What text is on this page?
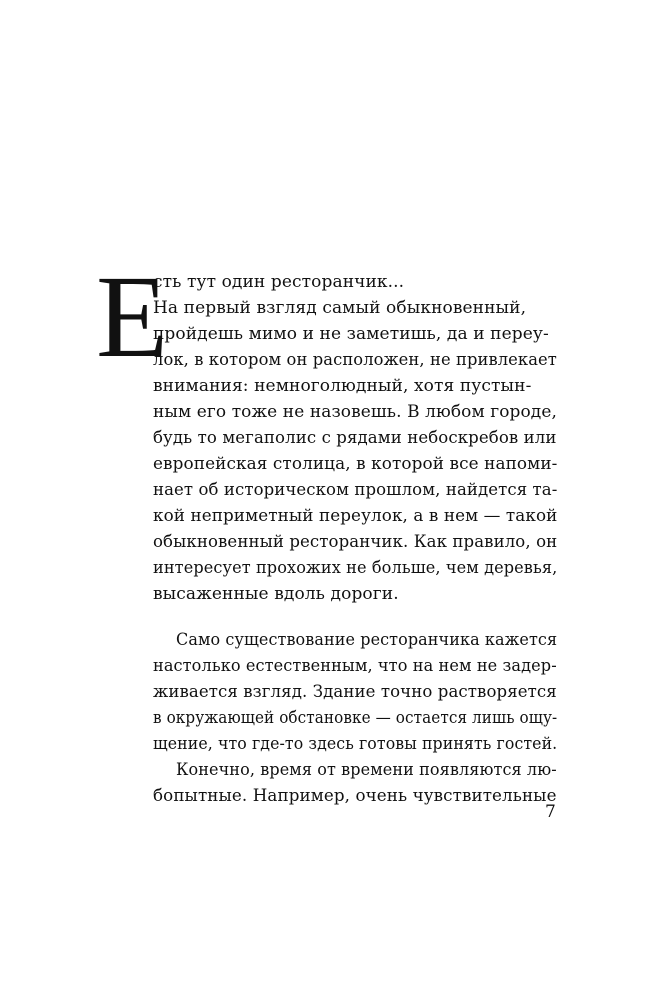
Е
сть тут один ресторанчик...
На первый взгляд самый обыкновенный,
пройдешь мимо и не заметишь, да и переу-
лок, в котором он расположен, не привлекает
внимания: немноголюдный, хотя пустын-
ным его тоже не назовешь. В любом городе,
будь то мегаполис с рядами небоскребов или
европейская столица, в которой все напоми-
нает об историческом прошлом, найдется та-
кой неприметный переулок, а в нем — такой
обыкновенный ресторанчик. Как правило, он
интересует прохожих не больше, чем деревья,
высаженные вдоль дороги.
Само существование ресторанчика кажется
настолько естественным, что на нем не задер-
живается взгляд. Здание точно растворяется
в окружающей обстановке — остается лишь ощу-
щение, что где-то здесь готовы принять гостей.
Конечно, время от времени появляются лю-
бопытные. Например, очень чувствительные
7
